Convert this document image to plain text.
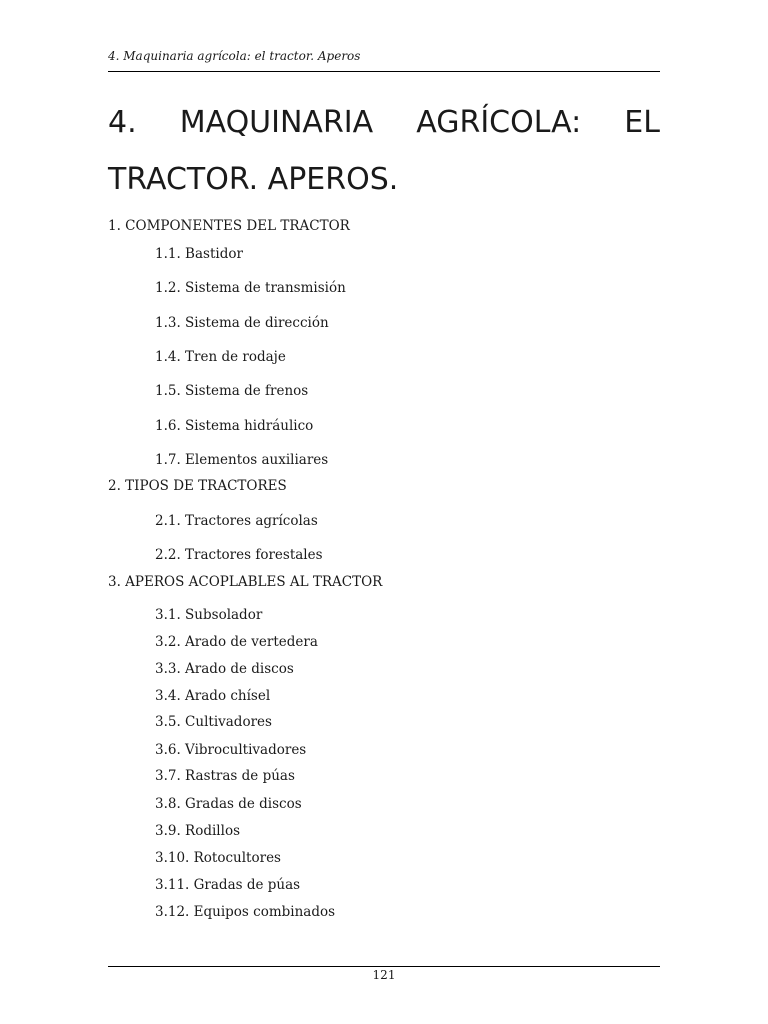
4. Maquinaria agrícola: el tractor. Aperos
4. MAQUINARIA AGRÍCOLA: EL
TRACTOR. APEROS.
1. COMPONENTES DEL TRACTOR
1.1. Bastidor
1.2. Sistema de transmisión
1.3. Sistema de dirección
1.4. Tren de rodaje
1.5. Sistema de frenos
1.6. Sistema hidráulico
1.7. Elementos auxiliares
2. TIPOS DE TRACTORES
2.1. Tractores agrícolas
2.2. Tractores forestales
3. APEROS ACOPLABLES AL TRACTOR
3.1. Subsolador
3.2. Arado de vertedera
3.3. Arado de discos
3.4. Arado chísel
3.5. Cultivadores
3.6. Vibrocultivadores
3.7. Rastras de púas
3.8. Gradas de discos
3.9. Rodillos
3.10. Rotocultores
3.11. Gradas de púas
3.12. Equipos combinados
121
